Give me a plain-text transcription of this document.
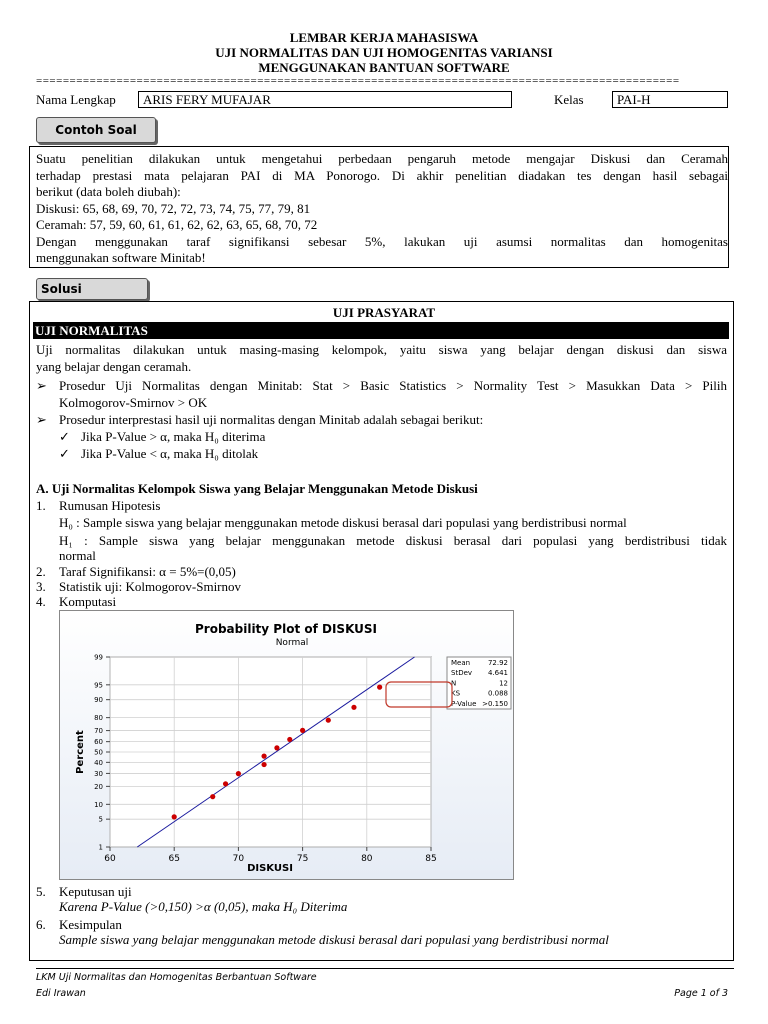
LEMBAR KERJA MAHASISWA
UJI NORMALITAS DAN UJI HOMOGENITAS VARIANSI
MENGGUNAKAN BANTUAN SOFTWARE
================================================================================================
Nama Lengkap	ARIS FERY MUFAJAR	Kelas	PAI-H
Contoh Soal
Suatu penelitian dilakukan untuk mengetahui perbedaan pengaruh metode mengajar Diskusi dan Ceramah
terhadap prestasi mata pelajaran PAI di MA Ponorogo. Di akhir penelitian diadakan tes dengan hasil sebagai
berikut (data boleh diubah):
Diskusi: 65, 68, 69, 70, 72, 72, 73, 74, 75, 77, 79, 81
Ceramah: 57, 59, 60, 61, 61, 62, 62, 63, 65, 68, 70, 72
Dengan menggunakan taraf signifikansi sebesar 5%, lakukan uji asumsi normalitas dan homogenitas
menggunakan software Minitab!
Solusi
UJI PRASYARAT
UJI NORMALITAS
Uji normalitas dilakukan untuk masing-masing kelompok, yaitu siswa yang belajar dengan diskusi dan siswa
yang belajar dengan ceramah.
➢ Prosedur Uji Normalitas dengan Minitab: Stat > Basic Statistics > Normality Test > Masukkan Data > Pilih
Kolmogorov-Smirnov > OK
➢ Prosedur interprestasi hasil uji normalitas dengan Minitab adalah sebagai berikut:
✓ Jika P-Value > α, maka H₀ diterima
✓ Jika P-Value < α, maka H₀ ditolak
A. Uji Normalitas Kelompok Siswa yang Belajar Menggunakan Metode Diskusi
1. Rumusan Hipotesis
H₀ : Sample siswa yang belajar menggunakan metode diskusi berasal dari populasi yang berdistribusi normal
H₁ : Sample siswa yang belajar menggunakan metode diskusi berasal dari populasi yang berdistribusi tidak
normal
2. Taraf Signifikansi: α = 5%=(0,05)
3. Statistik uji: Kolmogorov-Smirnov
4. Komputasi
60	65	70	75	80	85
1
5
10
20
30
40
50
60
70
80
90
95
99
Probability Plot of DISKUSI
Normal
DISKUSI
Percent
Mean	72.92
StDev 4.641
N	12
KS	0.088
P-Value >0.150
5. Keputusan uji
Karena P-Value (>0,150) >α (0,05), maka H₀ Diterima
6. Kesimpulan
Sample siswa yang belajar menggunakan metode diskusi berasal dari populasi yang berdistribusi normal
LKM Uji Normalitas dan Homogenitas Berbantuan Software
Edi Irawan	Page 1 of 3
